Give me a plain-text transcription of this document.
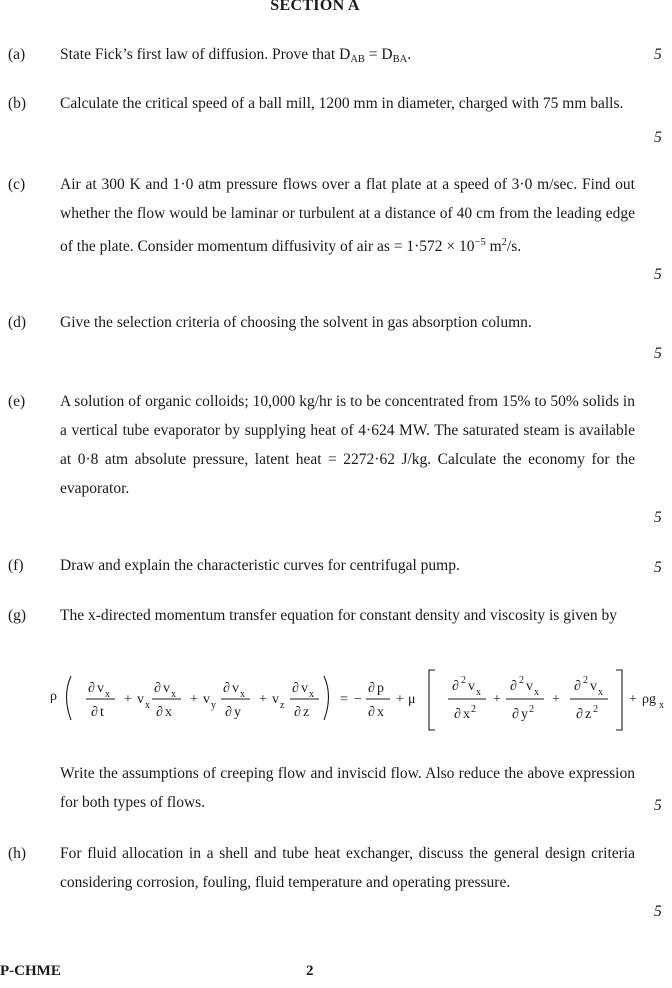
SECTION A
(a) State Fick’s first law of diffusion. Prove that $D_{AB} = D_{BA}$.	5
(b) Calculate the critical speed of a ball mill, 1200 mm in diameter, charged with 75 mm balls.
5
(c) Air at 300 K and 1·0 atm pressure flows over a flat plate at a speed of 3·0 m/sec. Find out whether the flow would be laminar or turbulent at a distance of 40 cm from the leading edge of the plate. Consider momentum diffusivity of air as = $1\cdot 572 \times 10^{-5}$ $m^2/s$.
5
(d) Give the selection criteria of choosing the solvent in gas absorption column.
5
(e) A solution of organic colloids; 10,000 kg/hr is to be concentrated from 15% to 50% solids in a vertical tube evaporator by supplying heat of 4·624 MW. The saturated steam is available at 0·8 atm absolute pressure, latent heat = 2272·62 J/kg. Calculate the economy for the evaporator.
5
(f) Draw and explain the characteristic curves for centrifugal pump.	5
(g) The x-directed momentum transfer equation for constant density and viscosity is given by
Write the assumptions of creeping flow and inviscid flow. Also reduce the above expression for both types of flows.	5
ρ
∂ v x
∂ t
+ v x
∂ v x
∂ x
+ v y
∂ v x
∂ y
+ v z
∂ v x
∂ z
= −
∂ p
∂ x
+ μ
∂ 2 v x
∂ x 2
+
∂ 2 v x
∂ y 2
+
∂ 2 v x
∂ z 2
+ ρg x
(h) For fluid allocation in a shell and tube heat exchanger, discuss the general design criteria considering corrosion, fouling, fluid temperature and operating pressure.
5
P-CHME	2
